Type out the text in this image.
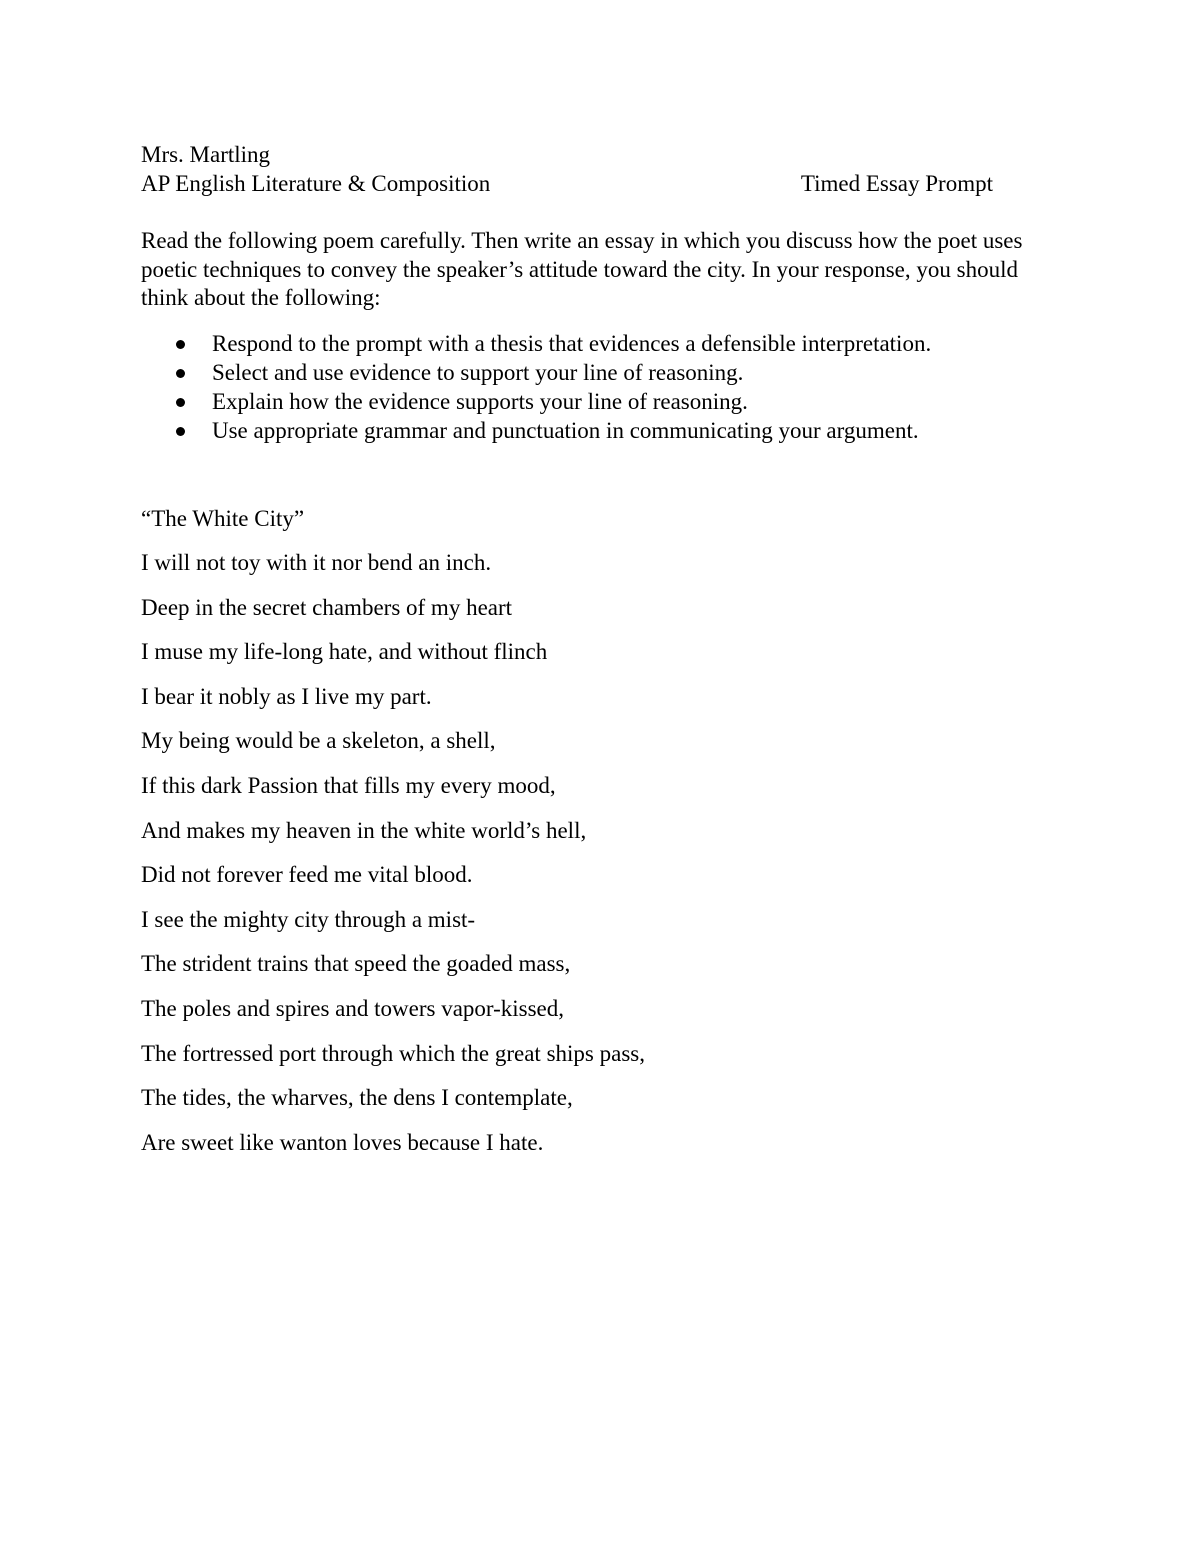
Mrs. Martling
AP English Literature & Composition	Timed Essay Prompt

Read the following poem carefully. Then write an essay in which you discuss how the poet uses poetic techniques to convey the speaker’s attitude toward the city. In your response, you should think about the following:

Respond to the prompt with a thesis that evidences a defensible interpretation.
Select and use evidence to support your line of reasoning.
Explain how the evidence supports your line of reasoning.
Use appropriate grammar and punctuation in communicating your argument.
“The White City”
I will not toy with it nor bend an inch.
Deep in the secret chambers of my heart
I muse my life-long hate, and without flinch
I bear it nobly as I live my part.
My being would be a skeleton, a shell,
If this dark Passion that fills my every mood,
And makes my heaven in the white world’s hell,
Did not forever feed me vital blood.
I see the mighty city through a mist-
The strident trains that speed the goaded mass,
The poles and spires and towers vapor-kissed,
The fortressed port through which the great ships pass,
The tides, the wharves, the dens I contemplate,
Are sweet like wanton loves because I hate.
